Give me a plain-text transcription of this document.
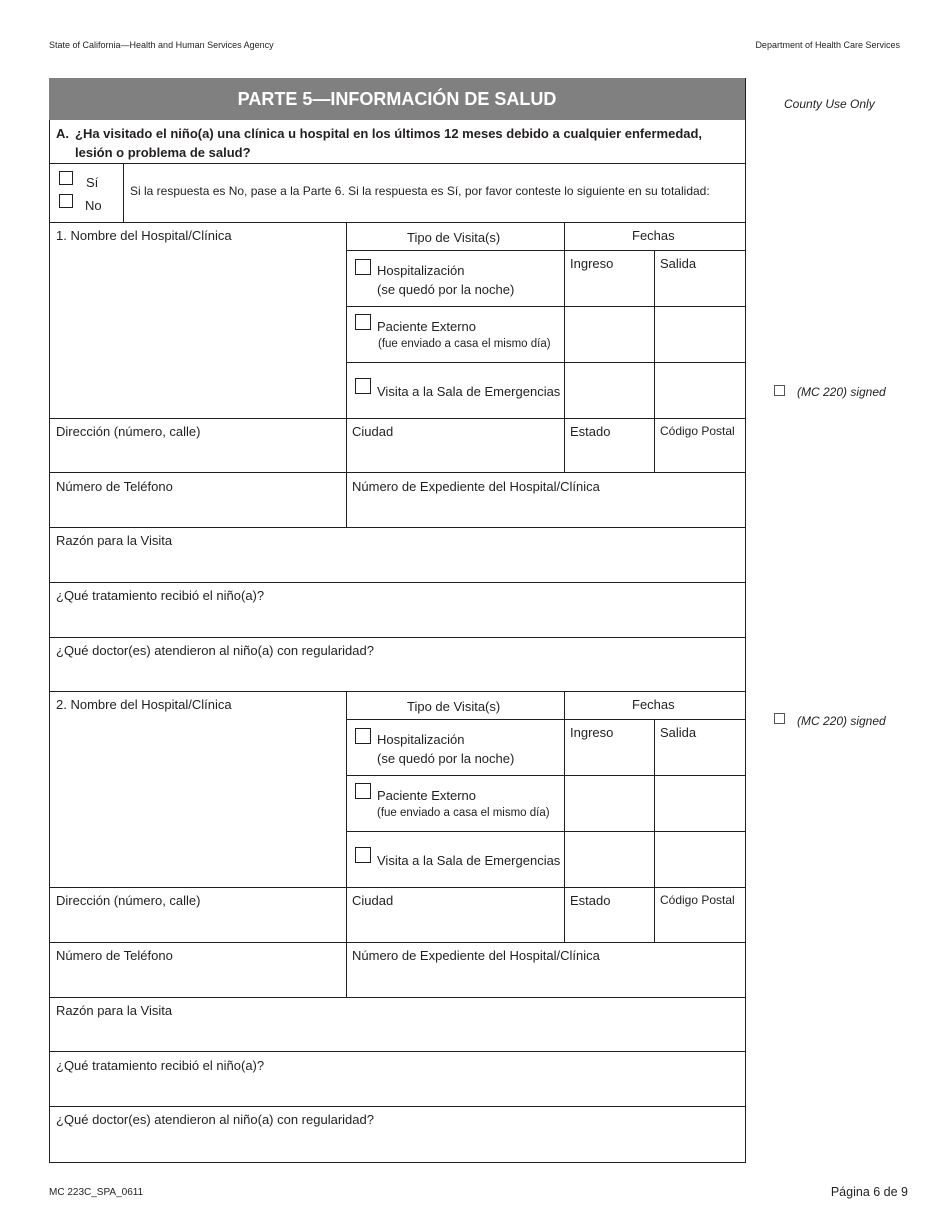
State of California—Health and Human Services Agency	Department of Health Care Services
PARTE 5—INFORMACIÓN DE SALUD
A. ¿Ha visitado el niño(a) una clínica u hospital en los últimos 12 meses debido a cualquier enfermedad, lesión o problema de salud?
Sí
No
Si la respuesta es No, pase a la Parte 6. Si la respuesta es Sí, por favor conteste lo siguiente en su totalidad:
1. Nombre del Hospital/Clínica	Tipo de Visita(s)	Fechas
Ingreso	Salida
Hospitalización
(se quedó por la noche)
Paciente Externo
(fue enviado a casa el mismo día)
Visita a la Sala de Emergencias
Dirección (número, calle)	Ciudad	Estado	Código Postal
Número de Teléfono	Número de Expediente del Hospital/Clínica
Razón para la Visita
¿Qué tratamiento recibió el niño(a)?
¿Qué doctor(es) atendieron al niño(a) con regularidad?
2. Nombre del Hospital/Clínica	Tipo de Visita(s)	Fechas
Ingreso	Salida
Hospitalización
(se quedó por la noche)
Paciente Externo
(fue enviado a casa el mismo día)
Visita a la Sala de Emergencias
Dirección (número, calle)	Ciudad	Estado	Código Postal
Número de Teléfono	Número de Expediente del Hospital/Clínica
Razón para la Visita
¿Qué tratamiento recibió el niño(a)?
¿Qué doctor(es) atendieron al niño(a) con regularidad?
County Use Only
(MC 220) signed
(MC 220) signed
MC 223C_SPA_0611	Página 6 de 9
